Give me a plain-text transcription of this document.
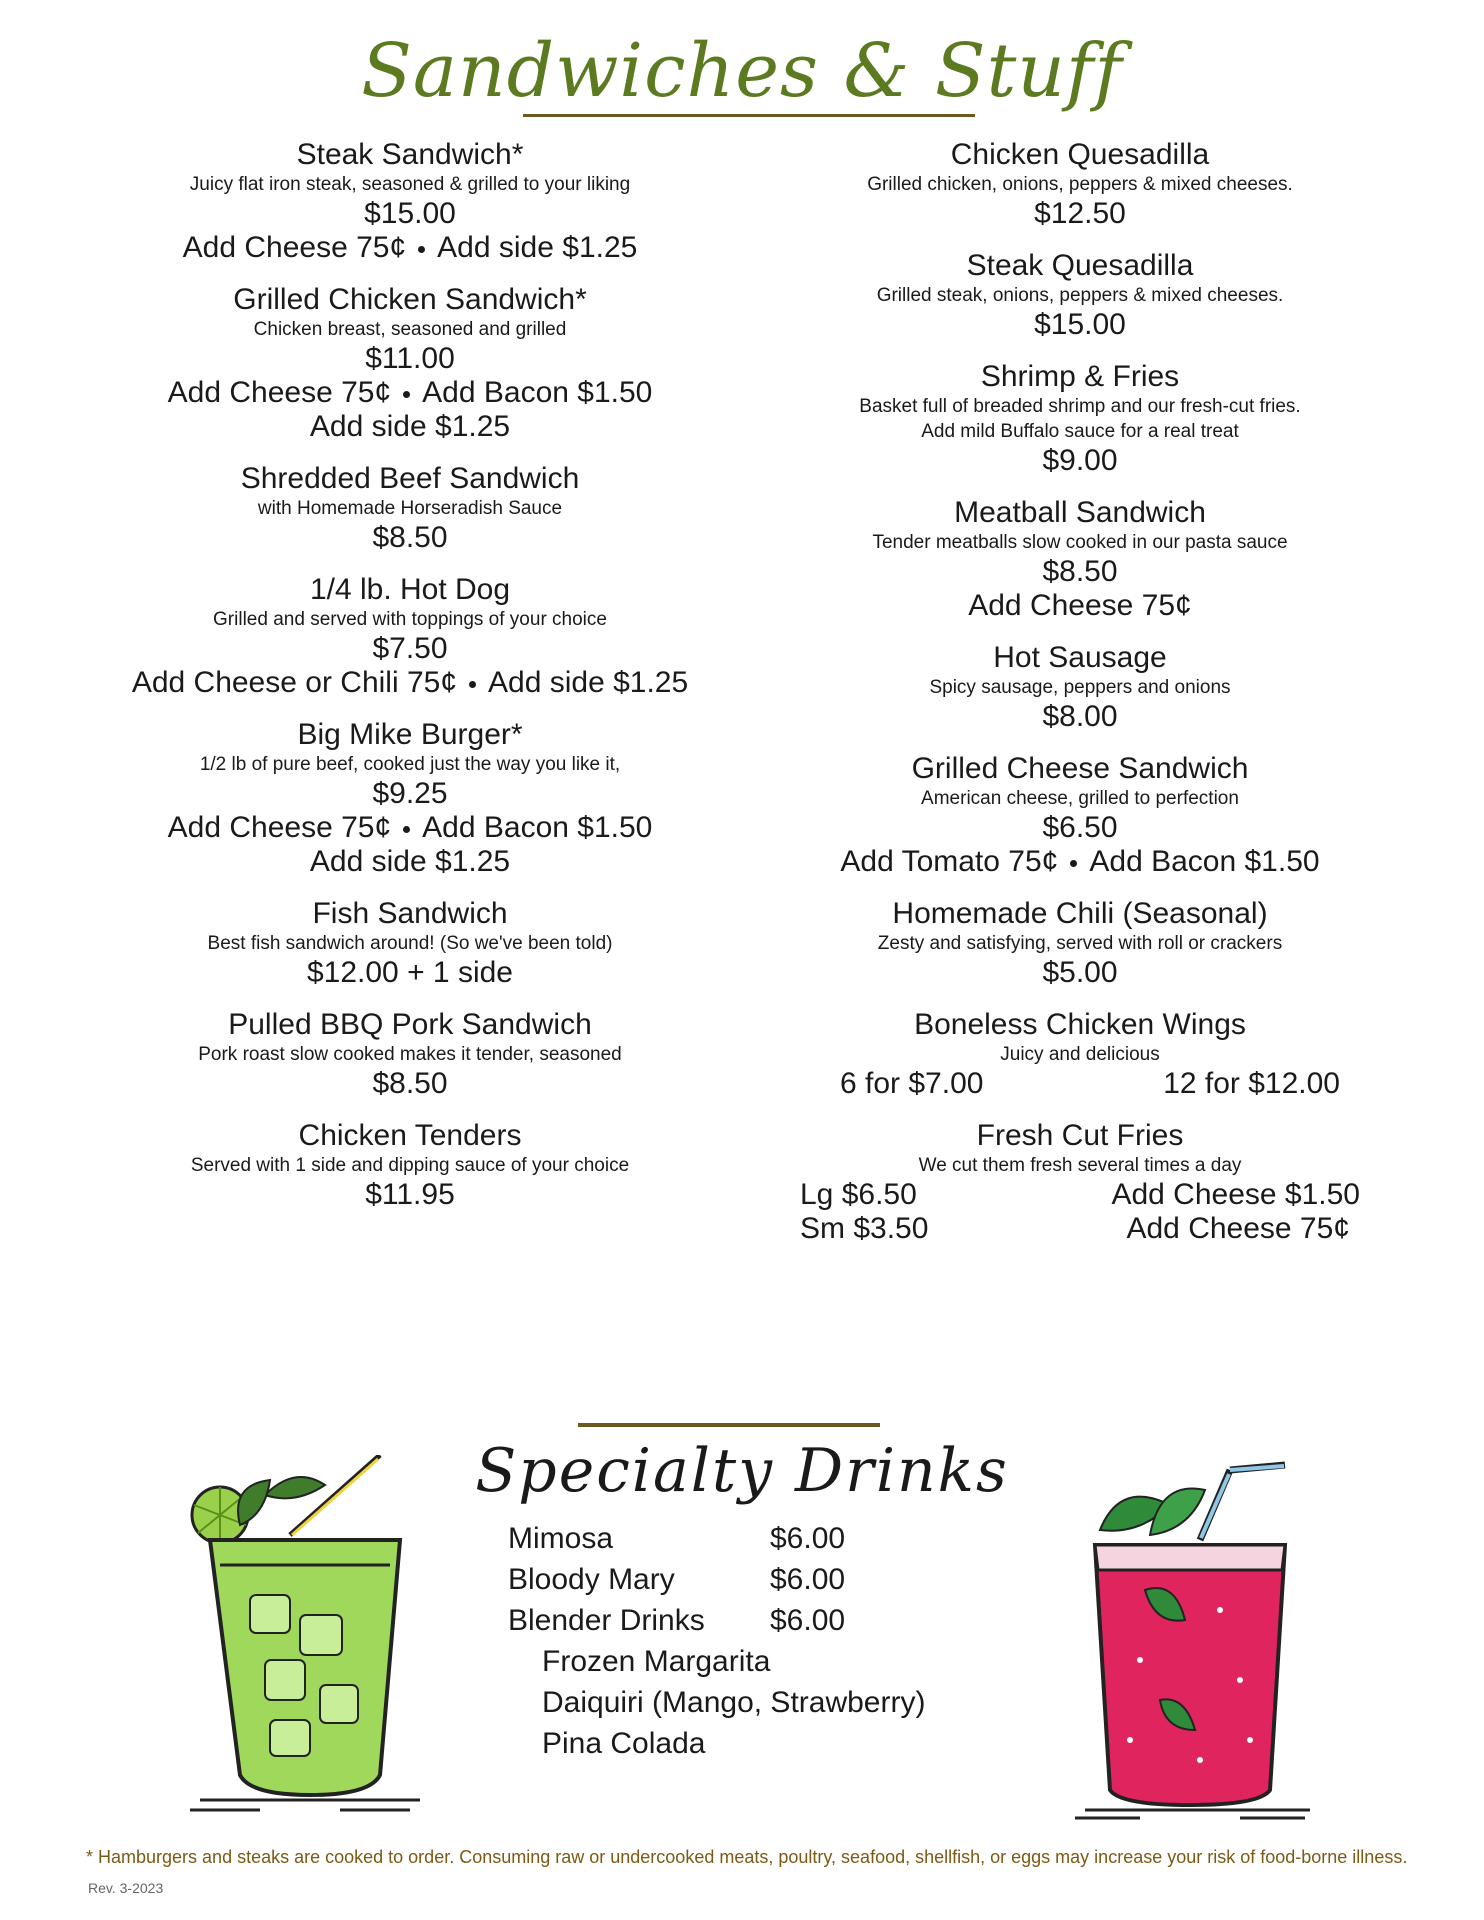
Sandwiches & Stuff
Steak Sandwich*
Juicy flat iron steak, seasoned & grilled to your liking
$15.00
Add Cheese 75¢ Add side $1.25
Grilled Chicken Sandwich*
Chicken breast, seasoned and grilled
$11.00
Add Cheese 75¢ Add Bacon $1.50
Add side $1.25
Shredded Beef Sandwich
with Homemade Horseradish Sauce
$8.50
1/4 lb. Hot Dog
Grilled and served with toppings of your choice
$7.50
Add Cheese or Chili 75¢ Add side $1.25
Big Mike Burger*
1/2 lb of pure beef, cooked just the way you like it,
$9.25
Add Cheese 75¢ Add Bacon $1.50
Add side $1.25
Fish Sandwich
Best fish sandwich around! (So we've been told)
$12.00 + 1 side
Pulled BBQ Pork Sandwich
Pork roast slow cooked makes it tender, seasoned
$8.50
Chicken Tenders
Served with 1 side and dipping sauce of your choice
$11.95
Chicken Quesadilla
Grilled chicken, onions, peppers & mixed cheeses.
$12.50
Steak Quesadilla
Grilled steak, onions, peppers & mixed cheeses.
$15.00
Shrimp & Fries
Basket full of breaded shrimp and our fresh-cut fries.
Add mild Buffalo sauce for a real treat
$9.00
Meatball Sandwich
Tender meatballs slow cooked in our pasta sauce
$8.50
Add Cheese 75¢
Hot Sausage
Spicy sausage, peppers and onions
$8.00
Grilled Cheese Sandwich
American cheese, grilled to perfection
$6.50
Add Tomato 75¢ Add Bacon $1.50
Homemade Chili (Seasonal)
Zesty and satisfying, served with roll or crackers
$5.00
Boneless Chicken Wings
Juicy and delicious
6 for $7.00	12 for $12.00
Fresh Cut Fries
We cut them fresh several times a day
Lg $6.50	Add Cheese $1.50
Sm $3.50	Add Cheese 75¢
Specialty Drinks
Mimosa	$6.00
Bloody Mary	$6.00
Blender Drinks	$6.00
Frozen Margarita
Daiquiri (Mango, Strawberry)
Pina Colada
* Hamburgers and steaks are cooked to order. Consuming raw or undercooked meats, poultry, seafood, shellfish, or eggs may increase your risk of food-borne illness.
Rev. 3-2023
